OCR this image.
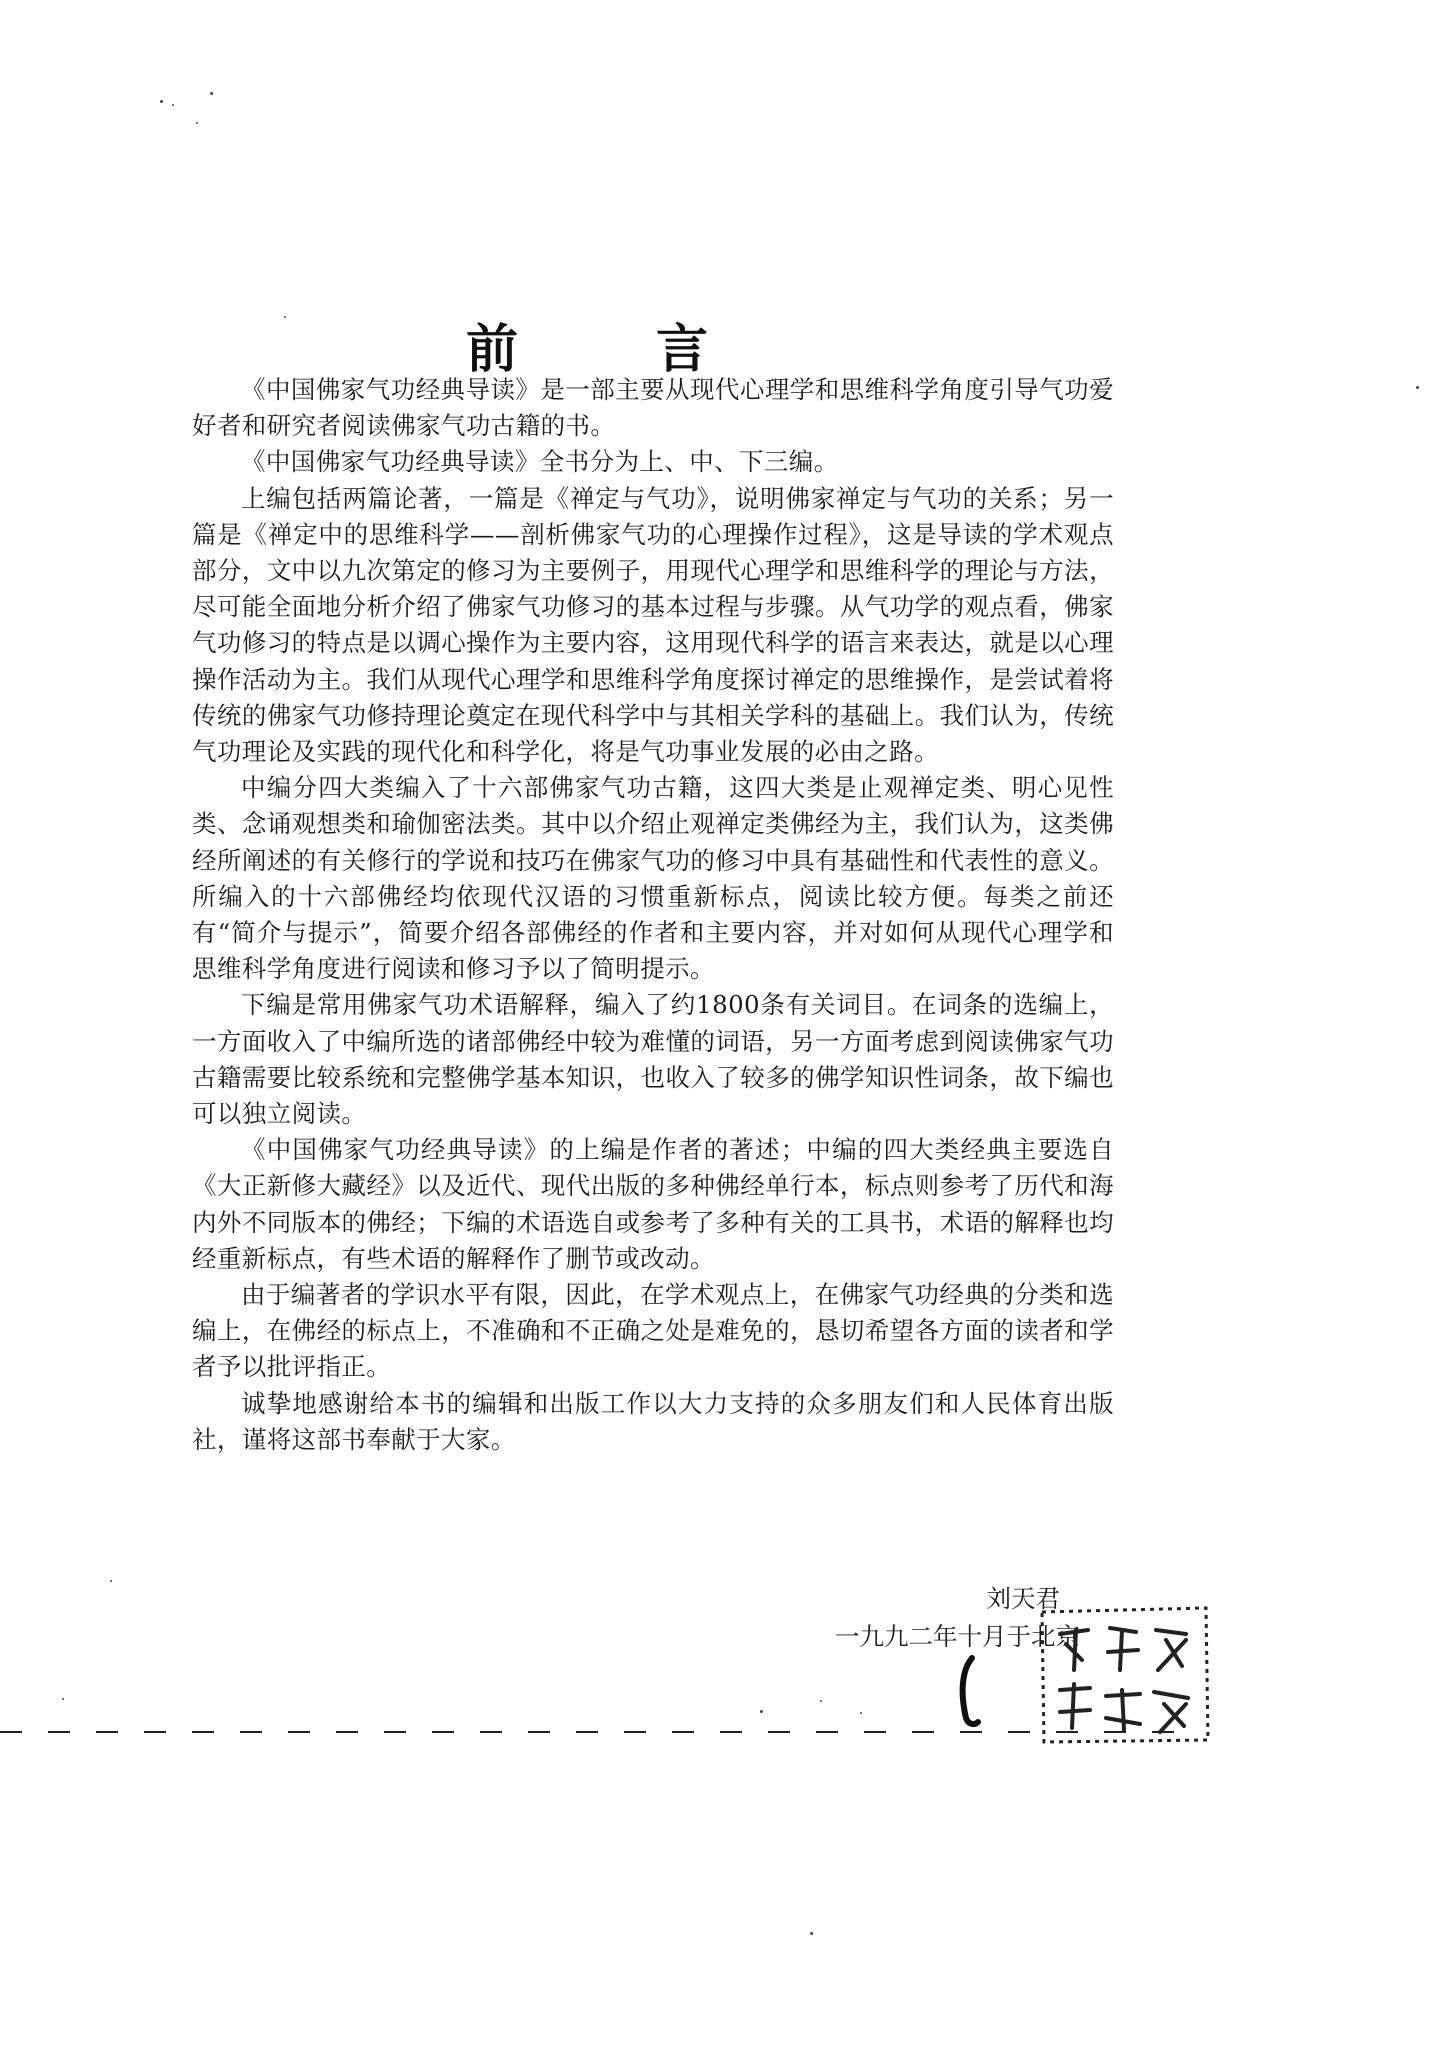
前 言

《中国佛家气功经典导读》是一部主要从现代心理学和思维科学角度引导气功爱好者和研究者阅读佛家气功古籍的书。

《中国佛家气功经典导读》全书分为上、中、下三编。

上编包括两篇论著，一篇是《禅定与气功》，说明佛家禅定与气功的关系；另一篇是《禅定中的思维科学——剖析佛家气功的心理操作过程》，这是导读的学术观点部分，文中以九次第定的修习为主要例子，用现代心理学和思维科学的理论与方法，尽可能全面地分析介绍了佛家气功修习的基本过程与步骤。从气功学的观点看，佛家气功修习的特点是以调心操作为主要内容，这用现代科学的语言来表达，就是以心理操作活动为主。我们从现代心理学和思维科学角度探讨禅定的思维操作，是尝试着将传统的佛家气功修持理论奠定在现代科学中与其相关学科的基础上。我们认为，传统气功理论及实践的现代化和科学化，将是气功事业发展的必由之路。

中编分四大类编入了十六部佛家气功古籍，这四大类是止观禅定类、明心见性类、念诵观想类和瑜伽密法类。其中以介绍止观禅定类佛经为主，我们认为，这类佛经所阐述的有关修行的学说和技巧在佛家气功的修习中具有基础性和代表性的意义。所编入的十六部佛经均依现代汉语的习惯重新标点，阅读比较方便。每类之前还有“简介与提示”，简要介绍各部佛经的作者和主要内容，并对如何从现代心理学和思维科学角度进行阅读和修习予以了简明提示。

下编是常用佛家气功术语解释，编入了约1800条有关词目。在词条的选编上，一方面收入了中编所选的诸部佛经中较为难懂的词语，另一方面考虑到阅读佛家气功古籍需要比较系统和完整佛学基本知识，也收入了较多的佛学知识性词条，故下编也可以独立阅读。

《中国佛家气功经典导读》的上编是作者的著述；中编的四大类经典主要选自《大正新修大藏经》以及近代、现代出版的多种佛经单行本，标点则参考了历代和海内外不同版本的佛经；下编的术语选自或参考了多种有关的工具书，术语的解释也均经重新标点，有些术语的解释作了删节或改动。

由于编著者的学识水平有限，因此，在学术观点上，在佛家气功经典的分类和选编上，在佛经的标点上，不准确和不正确之处是难免的，恳切希望各方面的读者和学者予以批评指正。

诚挚地感谢给本书的编辑和出版工作以大力支持的众多朋友们和人民体育出版社，谨将这部书奉献于大家。

刘天君
一九九二年十月于北京
